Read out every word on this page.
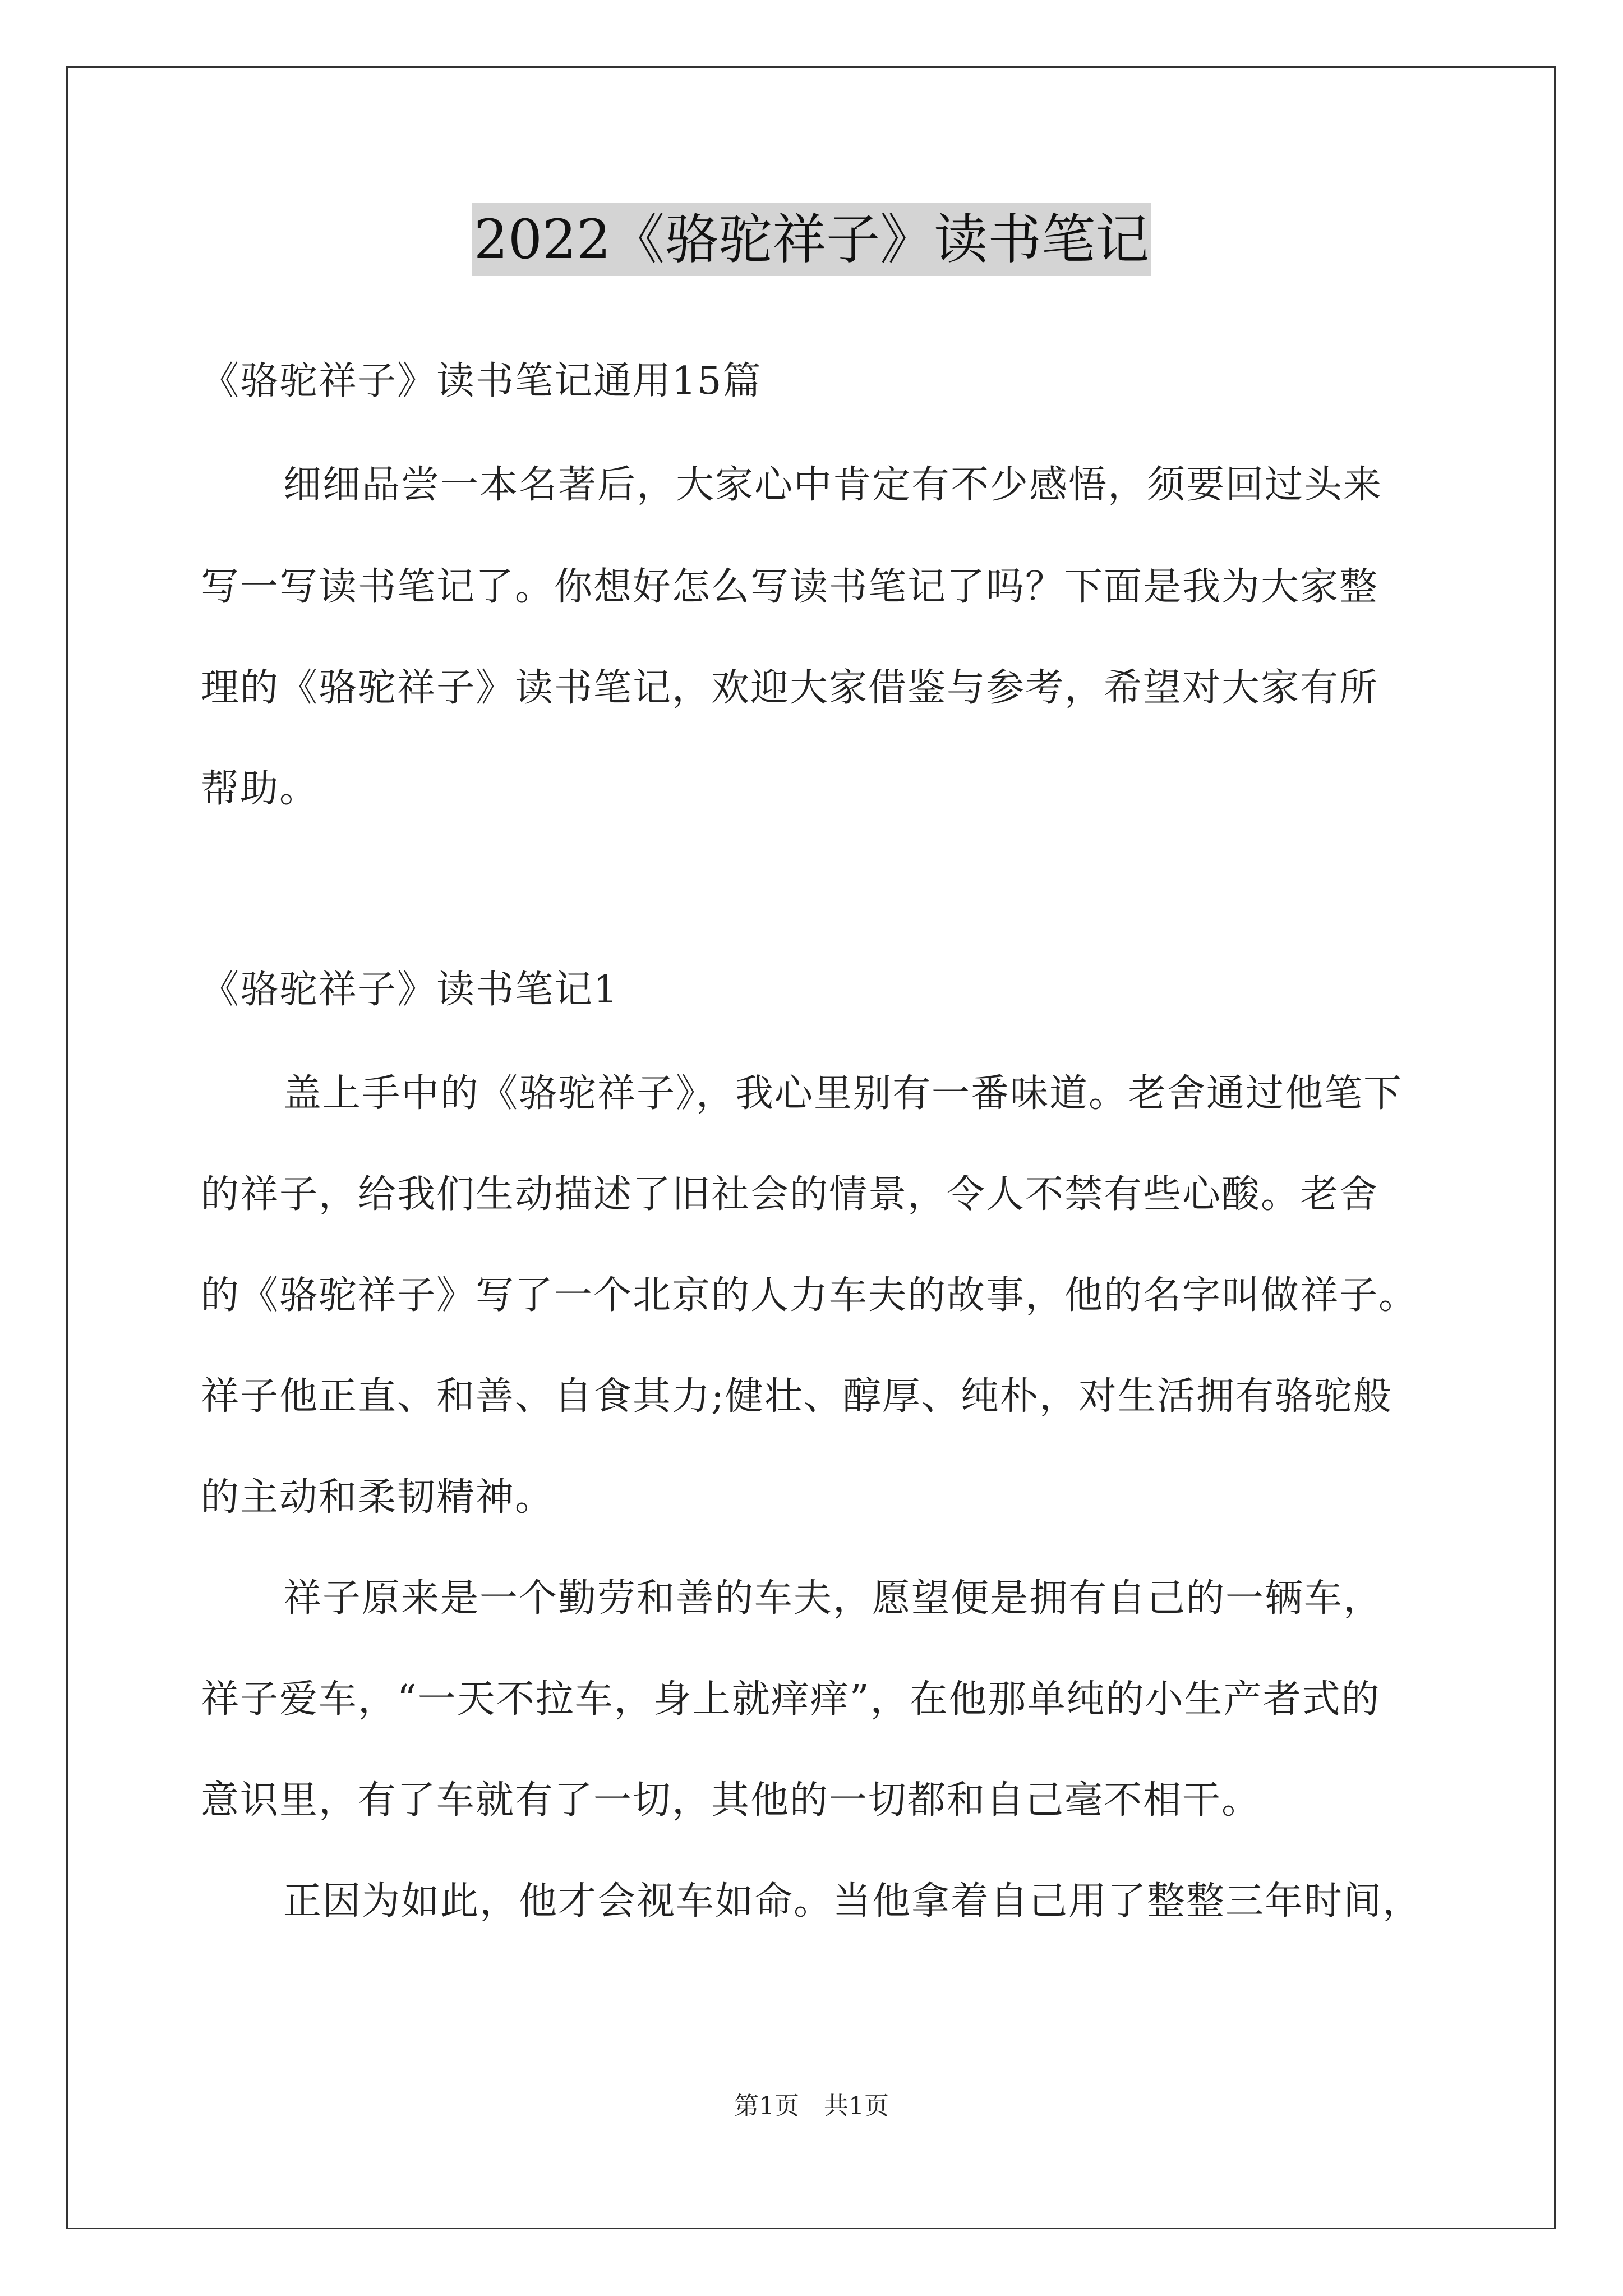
2022《骆驼祥子》读书笔记
《骆驼祥子》读书笔记通用15篇
细细品尝一本名著后，大家心中肯定有不少感悟，须要回过头来
写一写读书笔记了。你想好怎么写读书笔记了吗？下面是我为大家整
理的《骆驼祥子》读书笔记，欢迎大家借鉴与参考，希望对大家有所
帮助。
《骆驼祥子》读书笔记1
盖上手中的《骆驼祥子》，我心里别有一番味道。老舍通过他笔下
的祥子，给我们生动描述了旧社会的情景，令人不禁有些心酸。老舍
的《骆驼祥子》写了一个北京的人力车夫的故事，他的名字叫做祥子。
祥子他正直、和善、自食其力;健壮、醇厚、纯朴，对生活拥有骆驼般
的主动和柔韧精神。
祥子原来是一个勤劳和善的车夫，愿望便是拥有自己的一辆车，
祥子爱车，“一天不拉车，身上就痒痒”，在他那单纯的小生产者式的
意识里，有了车就有了一切，其他的一切都和自己毫不相干。
正因为如此，他才会视车如命。当他拿着自己用了整整三年时间，
第1页　共1页
